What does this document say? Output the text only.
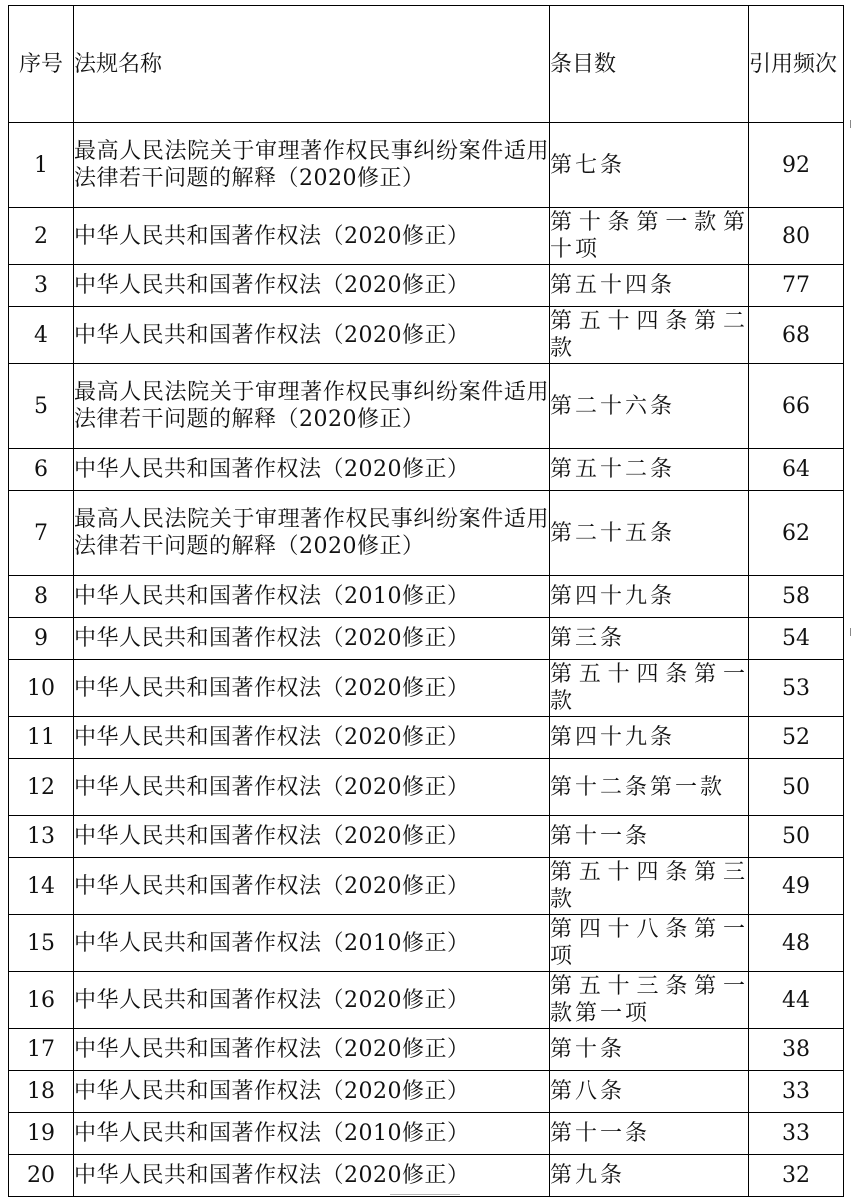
序号	法规名称	条目数	引用频次
1	最高人民法院关于审理著作权民事纠纷案件适用法律若干问题的解释（2020修正）	第七条	92
2	中华人民共和国著作权法（2020修正）	第十条第一款第十项	80
3	中华人民共和国著作权法（2020修正）	第五十四条	77
4	中华人民共和国著作权法（2020修正）	第五十四条第二款	68
5	最高人民法院关于审理著作权民事纠纷案件适用法律若干问题的解释（2020修正）	第二十六条	66
6	中华人民共和国著作权法（2020修正）	第五十二条	64
7	最高人民法院关于审理著作权民事纠纷案件适用法律若干问题的解释（2020修正）	第二十五条	62
8	中华人民共和国著作权法（2010修正）	第四十九条	58
9	中华人民共和国著作权法（2020修正）	第三条	54
10	中华人民共和国著作权法（2020修正）	第五十四条第一款	53
11	中华人民共和国著作权法（2020修正）	第四十九条	52
12	中华人民共和国著作权法（2020修正）	第十二条第一款	50
13	中华人民共和国著作权法（2020修正）	第十一条	50
14	中华人民共和国著作权法（2020修正）	第五十四条第三款	49
15	中华人民共和国著作权法（2010修正）	第四十八条第一项	48
16	中华人民共和国著作权法（2020修正）	第五十三条第一款第一项	44
17	中华人民共和国著作权法（2020修正）	第十条	38
18	中华人民共和国著作权法（2020修正）	第八条	33
19	中华人民共和国著作权法（2010修正）	第十一条	33
20	中华人民共和国著作权法（2020修正）	第九条	32
